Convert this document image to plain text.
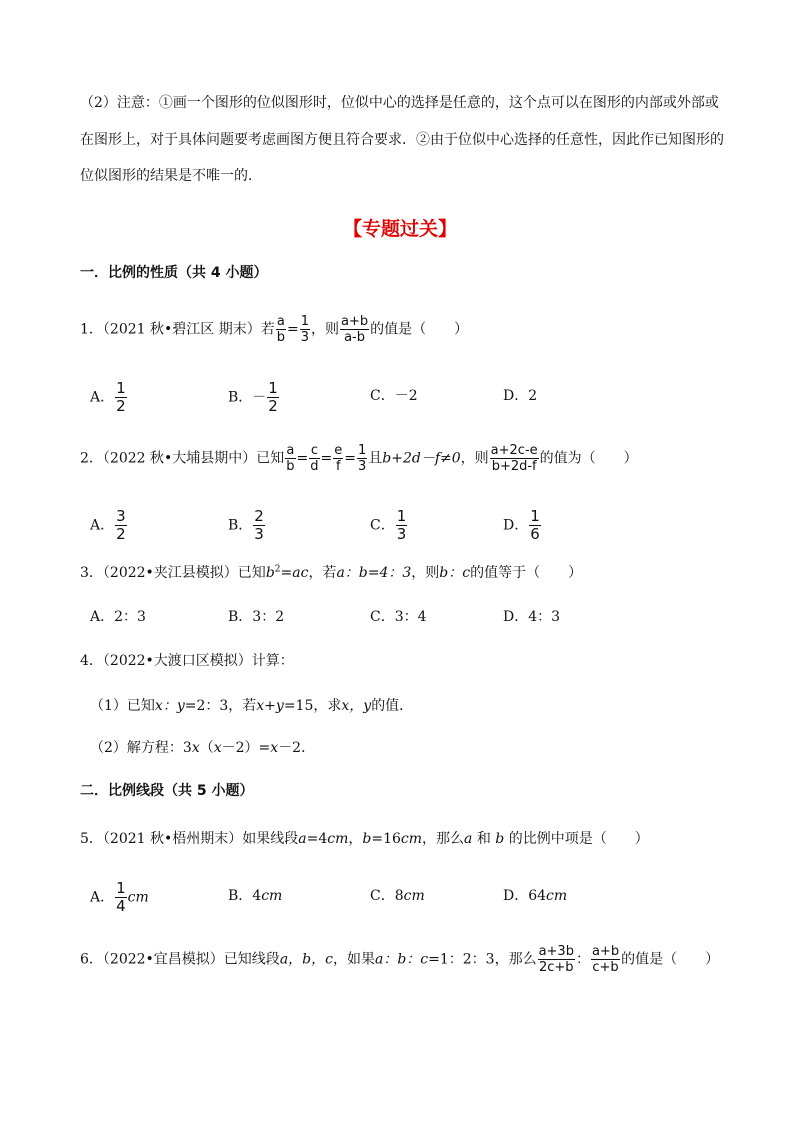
（2）注意：①画一个图形的位似图形时，位似中心的选择是任意的，这个点可以在图形的内部或外部或
在图形上，对于具体问题要考虑画图方便且符合要求．②由于位似中心选择的任意性，因此作已知图形的
位似图形的结果是不唯一的．
【专题过关】
一．比例的性质（共 4 小题）
1．（2021 秋•碧江区 期末）若 $\frac{a}{b} = \frac{1}{3}$ ，则 $\frac{a+b}{a-b}$ 的值是（　　）
A． $\frac{1}{2}$	B．－ $\frac{1}{2}$	C．－2	D．2
2．（2022 秋•大埔县期中）已知 $\frac{a}{b} = \frac{c}{d} = \frac{e}{f} = \frac{1}{3}$ 且b+2d－f≠0，则 $\frac{a+2c-e}{b+2d-f}$ 的值为（　　）
A． $\frac{3}{2}$	B． $\frac{2}{3}$	C． $\frac{1}{3}$	D． $\frac{1}{6}$
3．（2022•夹江县模拟）已知$b^2=ac$，若a：b=4：3，则b：c的值等于（　　）
A．2：3	B．3：2	C．3：4	D．4：3
4．（2022•大渡口区模拟）计算：
（1）已知x：y=2：3，若x+y=15，求x，y的值．
（2）解方程：3x（x－2）=x－2．
二．比例线段（共 5 小题）
5．（2021 秋•梧州期末）如果线段a=4cm，b=16cm，那么a 和 b 的比例中项是（　　）
A． $\frac{1}{4}$ cm	B．4cm	C．8cm	D．64cm
6．（2022•宜昌模拟）已知线段a，b，c，如果a：b：c=1：2：3，那么 $\frac{a+3b}{2c+b}$ ： $\frac{a+b}{c+b}$ 的值是（　　）
